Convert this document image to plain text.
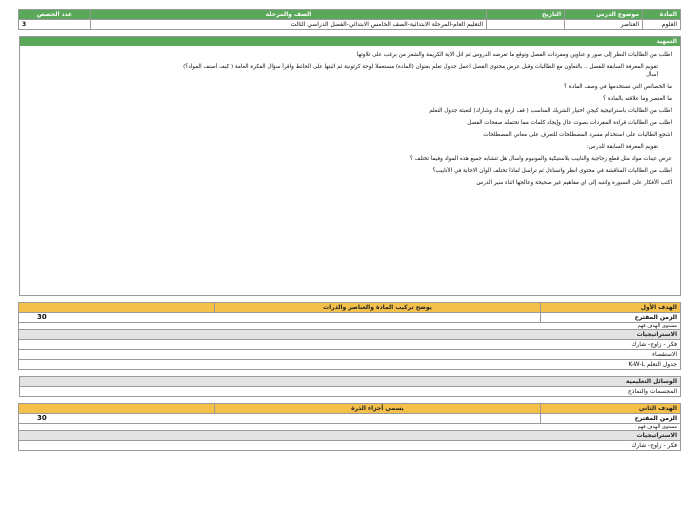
المادة	موضوع الدرس	التاريخ	الصف والمرحلة	عدد الحصص
العلوم	العناصر		التعليم العام-المرحلة الابتدائية-الصف الخامس الابتدائي-الفصل الدراسي الثالث	3
التمهيد

اطلب من الطالبات النظر إلى صور و عناوين ومفردات الفصل وتوقع ما تعرضه الدروس ثم اتل الاية الكريمة والشعر من برغب على تلاوتها

• تقويم المعرفة السابقة للفصل .. بالتعاون مع الطالبات وقبل عرض محتوى الفصل اعمل جدول تعلم بعنوان (المادة) مستعملا لوحة كرتونية ثم اثبتها على الحائط واقرأ سؤال الفكرة العامة ( كيف أصنف المواد؟)
• أسأل

ما الخصائص التي تستخدمها في وصف المادة ؟

ما العنصر وما علاقته بالمادة ؟

اطلب من الطالبات باستراتيجية كيجن اختيار الشريك المناسب ( قف ارفع يدك وشارك) لتعبئة جدول التعلم

اطلب من الطالبات قراءة المفردات بصوت عال وإيجاد كلمات مما تحتمله صفحات الفصل

اشجع الطالبات على استخدام مسرد المصطلحات للتعرف على معاني المصطلحات

• تقويم المعرفة السابقة للدرس:

عرض عينات مواد مثل قطع زجاجية والنابيب بلاستيكية والمونيوم واسأل هل تتشابه جميع هذه المواد وفيما تختلف ؟

اطلب من الطالبات المناقشة في محتوى انظر واتساءل ثم تراسل لماذا تختلف الوان الاجابة في الأنابيب؟

اكتب الأفكار على السبورة وانتبه إلى اي مفاهيم غير صحيحة وعالجها اثناء سير الدرس

الهدف الأول	يوضح تركيب المادة والعناصر والذرات	
الزمن المقترح	30	
مستوى الهدف فهم		
الاستراتيجيات		
فكر - زاوج- شارك		
الاستقصاء		
جدول التعلم K-W-L		
الوسائل التعليمية
المجسمات والنماذج
الهدف الثاني	يسمي أجزاء الذرة	
الزمن المقترح	30	
مستوى الهدف فهم		
الاستراتيجيات		
فكر - زاوج- شارك		
